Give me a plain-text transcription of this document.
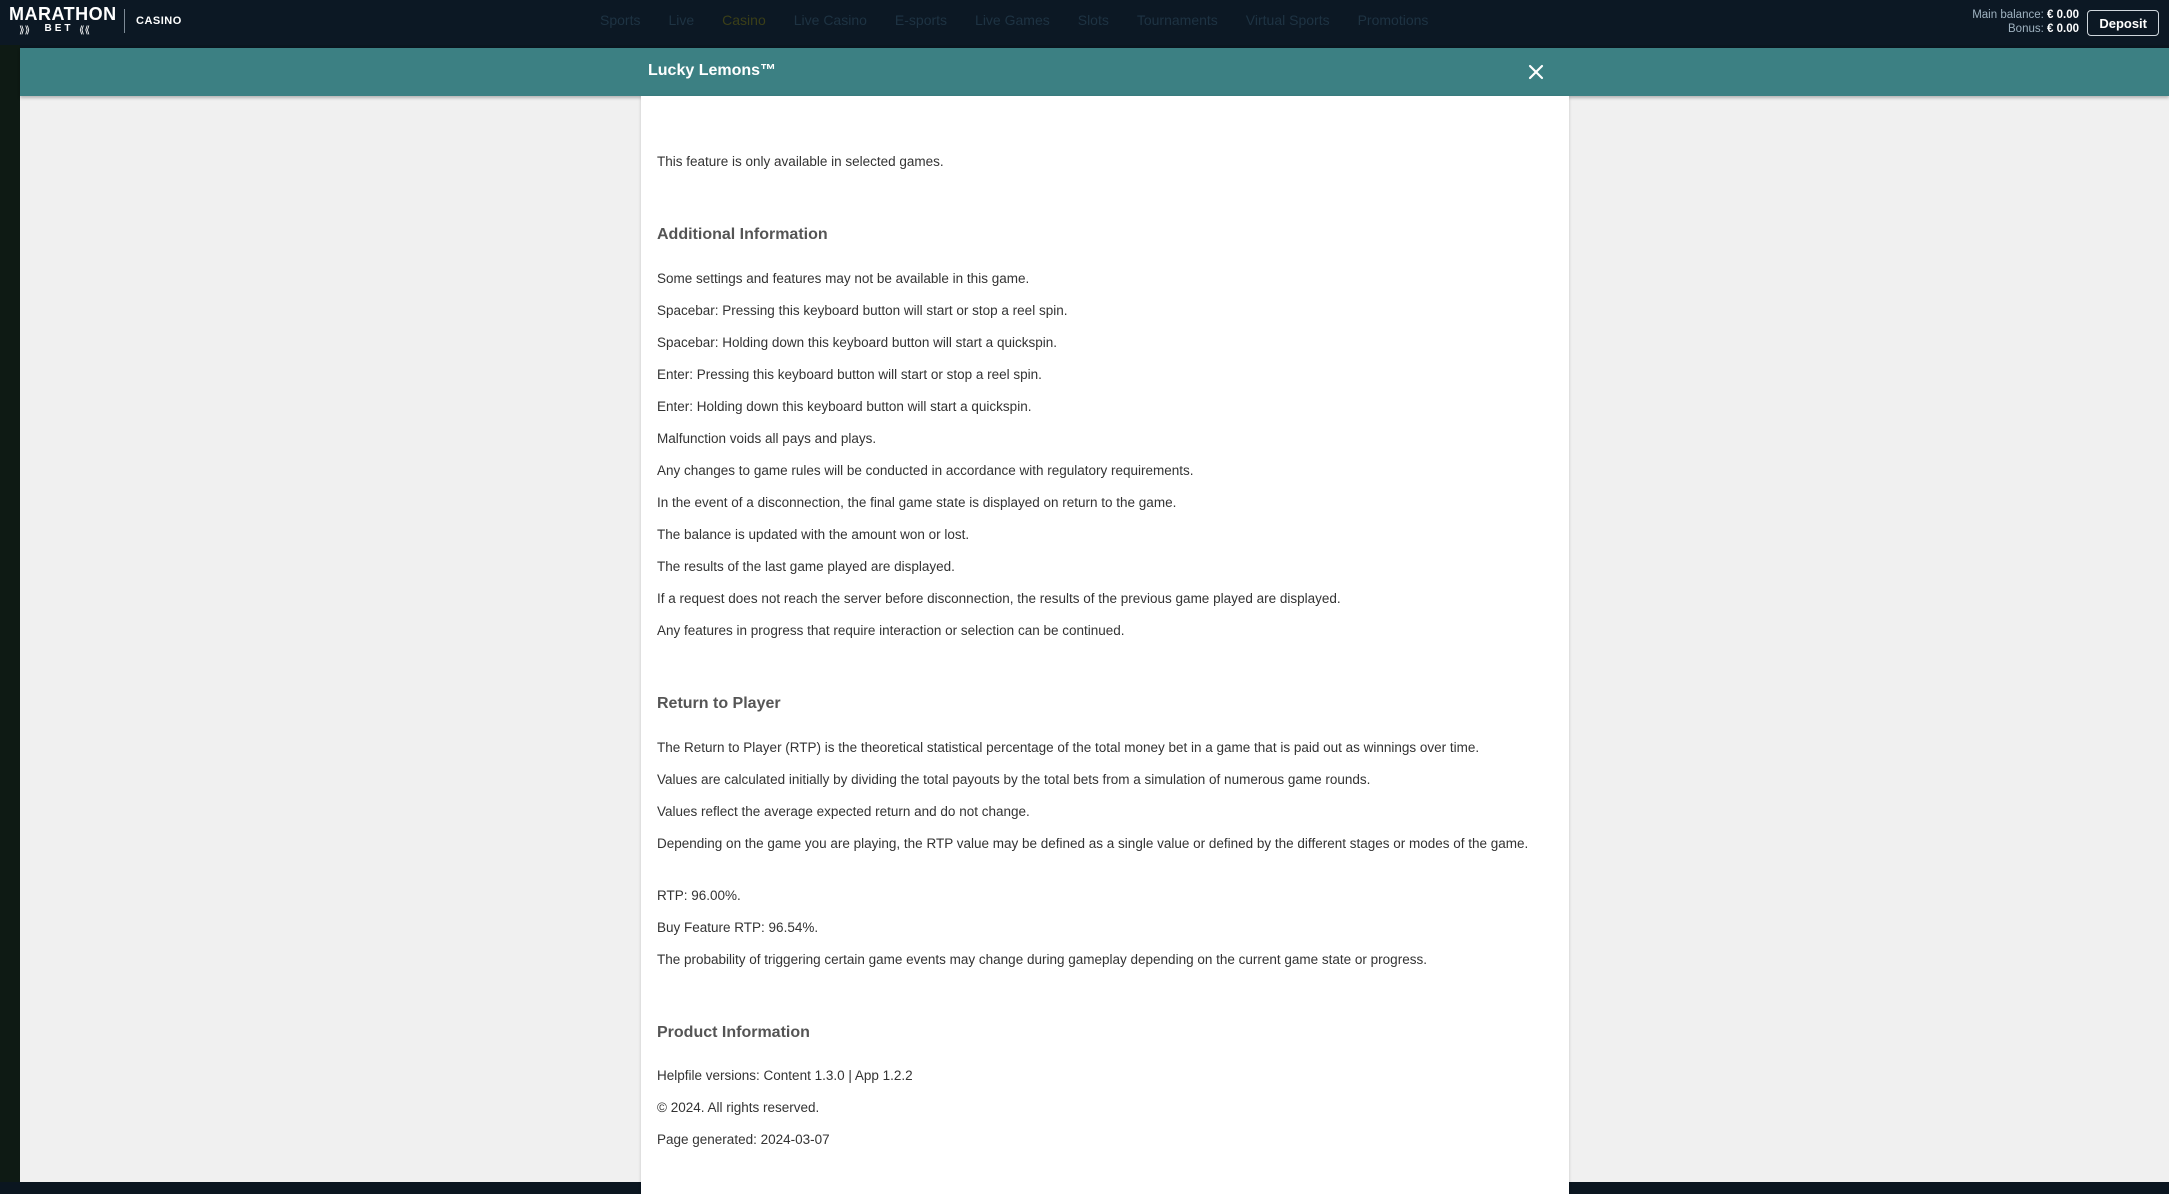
MARATHON
⟫⟫	BET ⟪⟪
CASINO	Sports Live Casino Live Casino E-sports Live Games Slots Tournaments Virtual Sports Promotions	Main balance: € 0.00
Bonus: € 0.00	Deposit
Lucky Lemons™

This feature is only available in selected games.

Additional Information

Some settings and features may not be available in this game.

Spacebar: Pressing this keyboard button will start or stop a reel spin.

Spacebar: Holding down this keyboard button will start a quickspin.

Enter: Pressing this keyboard button will start or stop a reel spin.

Enter: Holding down this keyboard button will start a quickspin.

Malfunction voids all pays and plays.

Any changes to game rules will be conducted in accordance with regulatory requirements.

In the event of a disconnection, the final game state is displayed on return to the game.

The balance is updated with the amount won or lost.

The results of the last game played are displayed.

If a request does not reach the server before disconnection, the results of the previous game played are displayed.

Any features in progress that require interaction or selection can be continued.

Return to Player

The Return to Player (RTP) is the theoretical statistical percentage of the total money bet in a game that is paid out as winnings over time.

Values are calculated initially by dividing the total payouts by the total bets from a simulation of numerous game rounds.

Values reflect the average expected return and do not change.

Depending on the game you are playing, the RTP value may be defined as a single value or defined by the different stages or modes of the game.

RTP: 96.00%.

Buy Feature RTP: 96.54%.

The probability of triggering certain game events may change during gameplay depending on the current game state or progress.

Product Information

Helpfile versions: Content 1.3.0 | App 1.2.2

© 2024. All rights reserved.

Page generated: 2024-03-07
